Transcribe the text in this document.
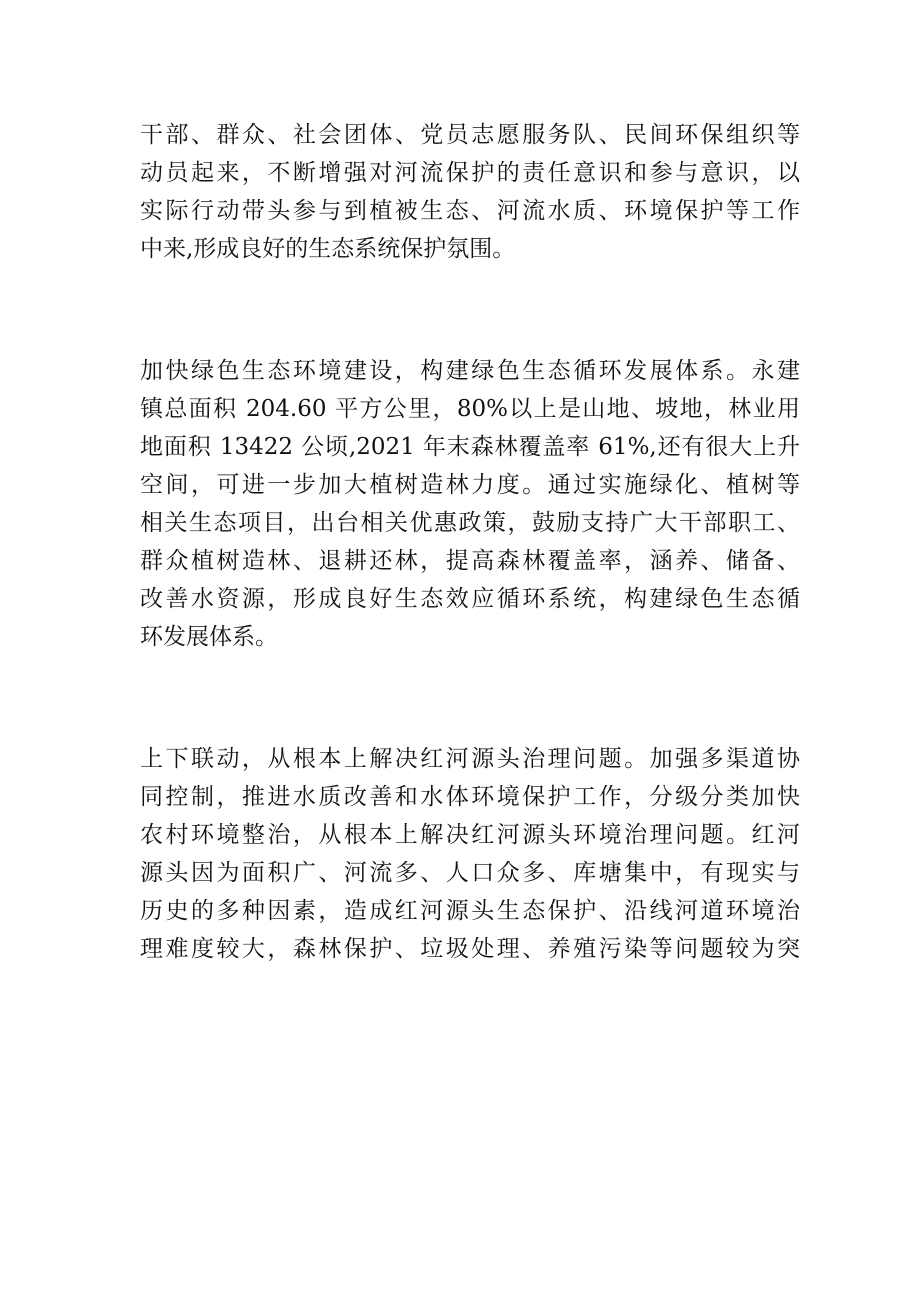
干部、群众、社会团体、党员志愿服务队、民间环保组织等
动员起来，不断增强对河流保护的责任意识和参与意识，以
实际行动带头参与到植被生态、河流水质、环境保护等工作
中来,形成良好的生态系统保护氛围。

加快绿色生态环境建设，构建绿色生态循环发展体系。永建
镇总面积 204.60 平方公里，80%以上是山地、坡地，林业用
地面积 13422 公顷,2021 年末森林覆盖率 61%,还有很大上升
空间，可进一步加大植树造林力度。通过实施绿化、植树等
相关生态项目，出台相关优惠政策，鼓励支持广大干部职工、
群众植树造林、退耕还林，提高森林覆盖率，涵养、储备、
改善水资源，形成良好生态效应循环系统，构建绿色生态循
环发展体系。

上下联动，从根本上解决红河源头治理问题。加强多渠道协
同控制，推进水质改善和水体环境保护工作，分级分类加快
农村环境整治，从根本上解决红河源头环境治理问题。红河
源头因为面积广、河流多、人口众多、库塘集中，有现实与
历史的多种因素，造成红河源头生态保护、沿线河道环境治
理难度较大，森林保护、垃圾处理、养殖污染等问题较为突
